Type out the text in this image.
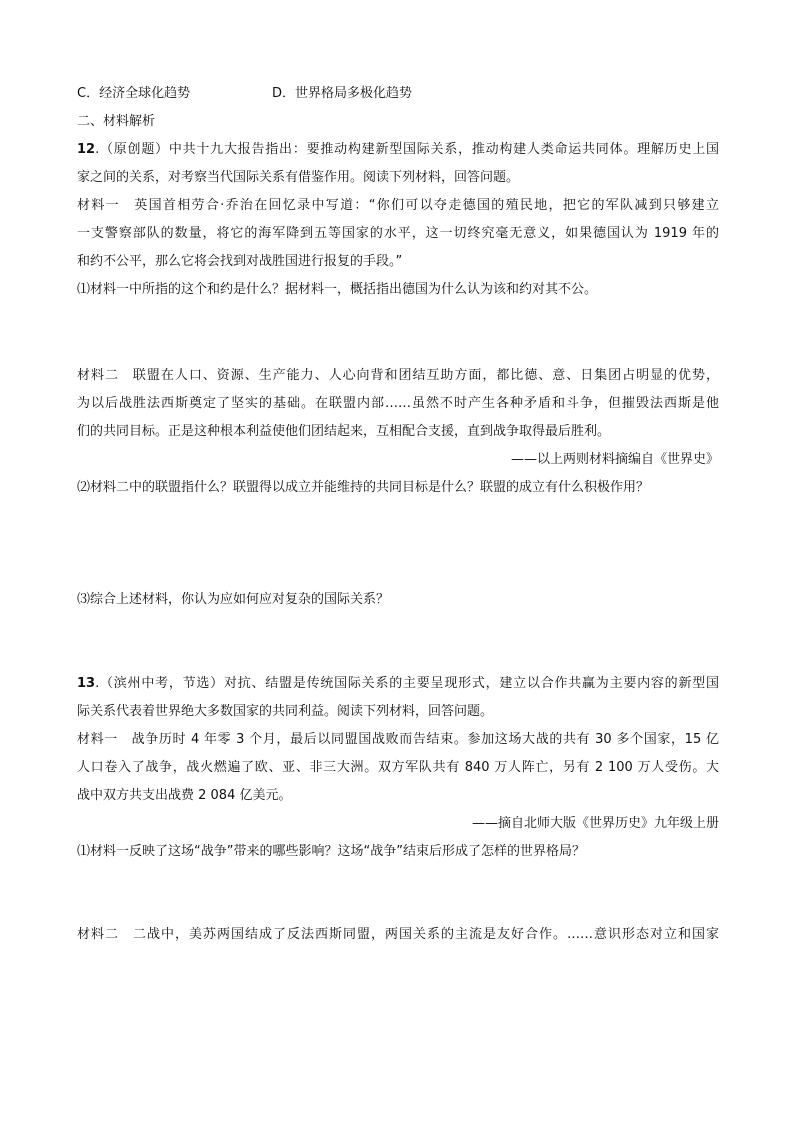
C．经济全球化趋势	D．世界格局多极化趋势
二、材料解析
12.（原创题）中共十九大报告指出：要推动构建新型国际关系，推动构建人类命运共同体。理解历史上国
家之间的关系，对考察当代国际关系有借鉴作用。阅读下列材料，回答问题。
材料一　英国首相劳合·乔治在回忆录中写道：“你们可以夺走德国的殖民地，把它的军队减到只够建立
一支警察部队的数量，将它的海军降到五等国家的水平，这一切终究毫无意义，如果德国认为 1919 年的
和约不公平，那么它将会找到对战胜国进行报复的手段。”
⑴材料一中所指的这个和约是什么？据材料一，概括指出德国为什么认为该和约对其不公。
材料二　联盟在人口、资源、生产能力、人心向背和团结互助方面，都比德、意、日集团占明显的优势，
为以后战胜法西斯奠定了坚实的基础。在联盟内部……虽然不时产生各种矛盾和斗争，但摧毁法西斯是他
们的共同目标。正是这种根本利益使他们团结起来，互相配合支援，直到战争取得最后胜利。
——以上两则材料摘编自《世界史》
⑵材料二中的联盟指什么？联盟得以成立并能维持的共同目标是什么？联盟的成立有什么积极作用？
⑶综合上述材料，你认为应如何应对复杂的国际关系？
13.（滨州中考，节选）对抗、结盟是传统国际关系的主要呈现形式，建立以合作共赢为主要内容的新型国
际关系代表着世界绝大多数国家的共同利益。阅读下列材料，回答问题。
材料一　战争历时 4 年零 3 个月，最后以同盟国战败而告结束。参加这场大战的共有 30 多个国家，15 亿
人口卷入了战争，战火燃遍了欧、亚、非三大洲。双方军队共有 840 万人阵亡，另有 2 100 万人受伤。大
战中双方共支出战费 2 084 亿美元。
——摘自北师大版《世界历史》九年级上册
⑴材料一反映了这场“战争”带来的哪些影响？这场“战争”结束后形成了怎样的世界格局？
材料二　二战中，美苏两国结成了反法西斯同盟，两国关系的主流是友好合作。……意识形态对立和国家
